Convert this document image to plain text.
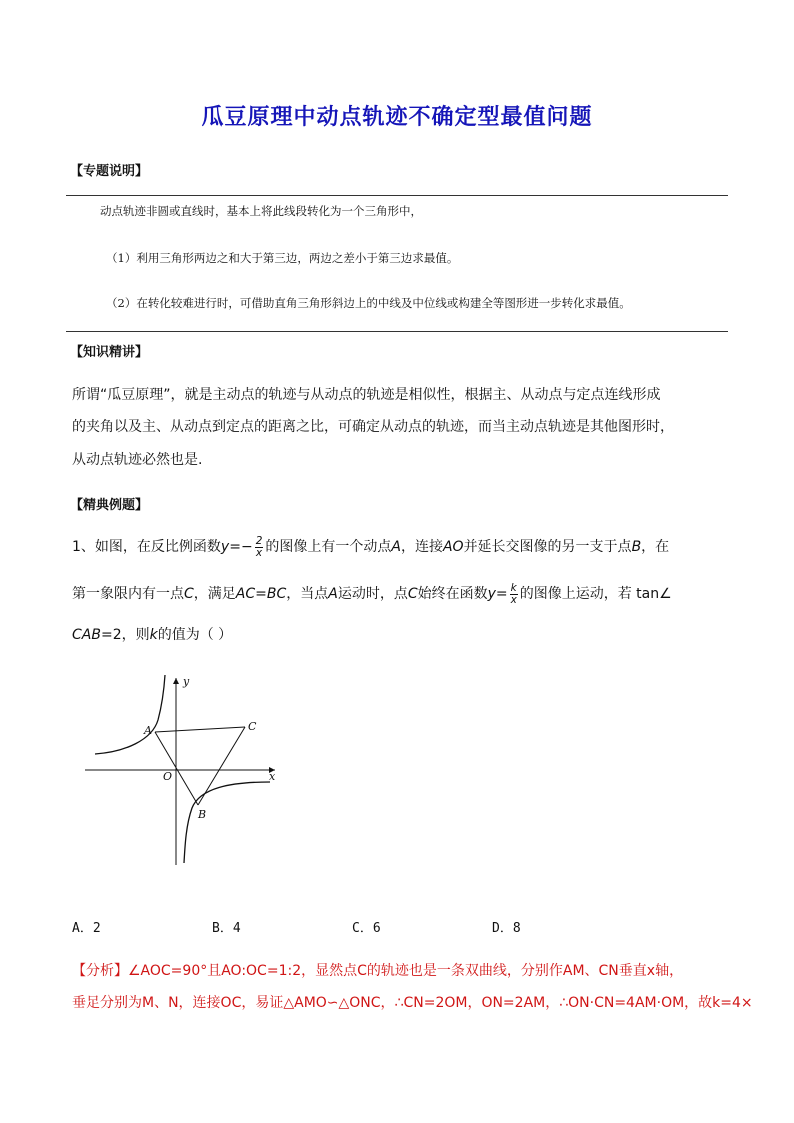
瓜豆原理中动点轨迹不确定型最值问题
【专题说明】
动点轨迹非圆或直线时，基本上将此线段转化为一个三角形中，
（1）利用三角形两边之和大于第三边，两边之差小于第三边求最值。
（2）在转化较难进行时，可借助直角三角形斜边上的中线及中位线或构建全等图形进一步转化求最值。
【知识精讲】
所谓“瓜豆原理”，就是主动点的轨迹与从动点的轨迹是相似性，根据主、从动点与定点连线形成
的夹角以及主、从动点到定点的距离之比，可确定从动点的轨迹，而当主动点轨迹是其他图形时，
从动点轨迹必然也是.
【精典例题】
1、如图，在反比例函数$y=- \frac{2}{x}$ 的图像上有一个动点A，连接AO并延长交图像的另一支于点B，在
第一象限内有一点C，满足AC=BC，当点A运动时，点C始终在函数$y= \frac{k}{x}$ 的图像上运动，若 tan∠
CAB=2，则k的值为（ ）
y
x
O
A
B
C
A．2	B．4	C．6	D．8
【分析】∠AOC=90°且AO:OC=1:2，显然点C的轨迹也是一条双曲线，分别作AM、CN垂直x轴，
垂足分别为M、N，连接OC，易证△AMO∽△ONC，∴CN=2OM，ON=2AM，∴ON·CN=4AM·OM，故k=4×
